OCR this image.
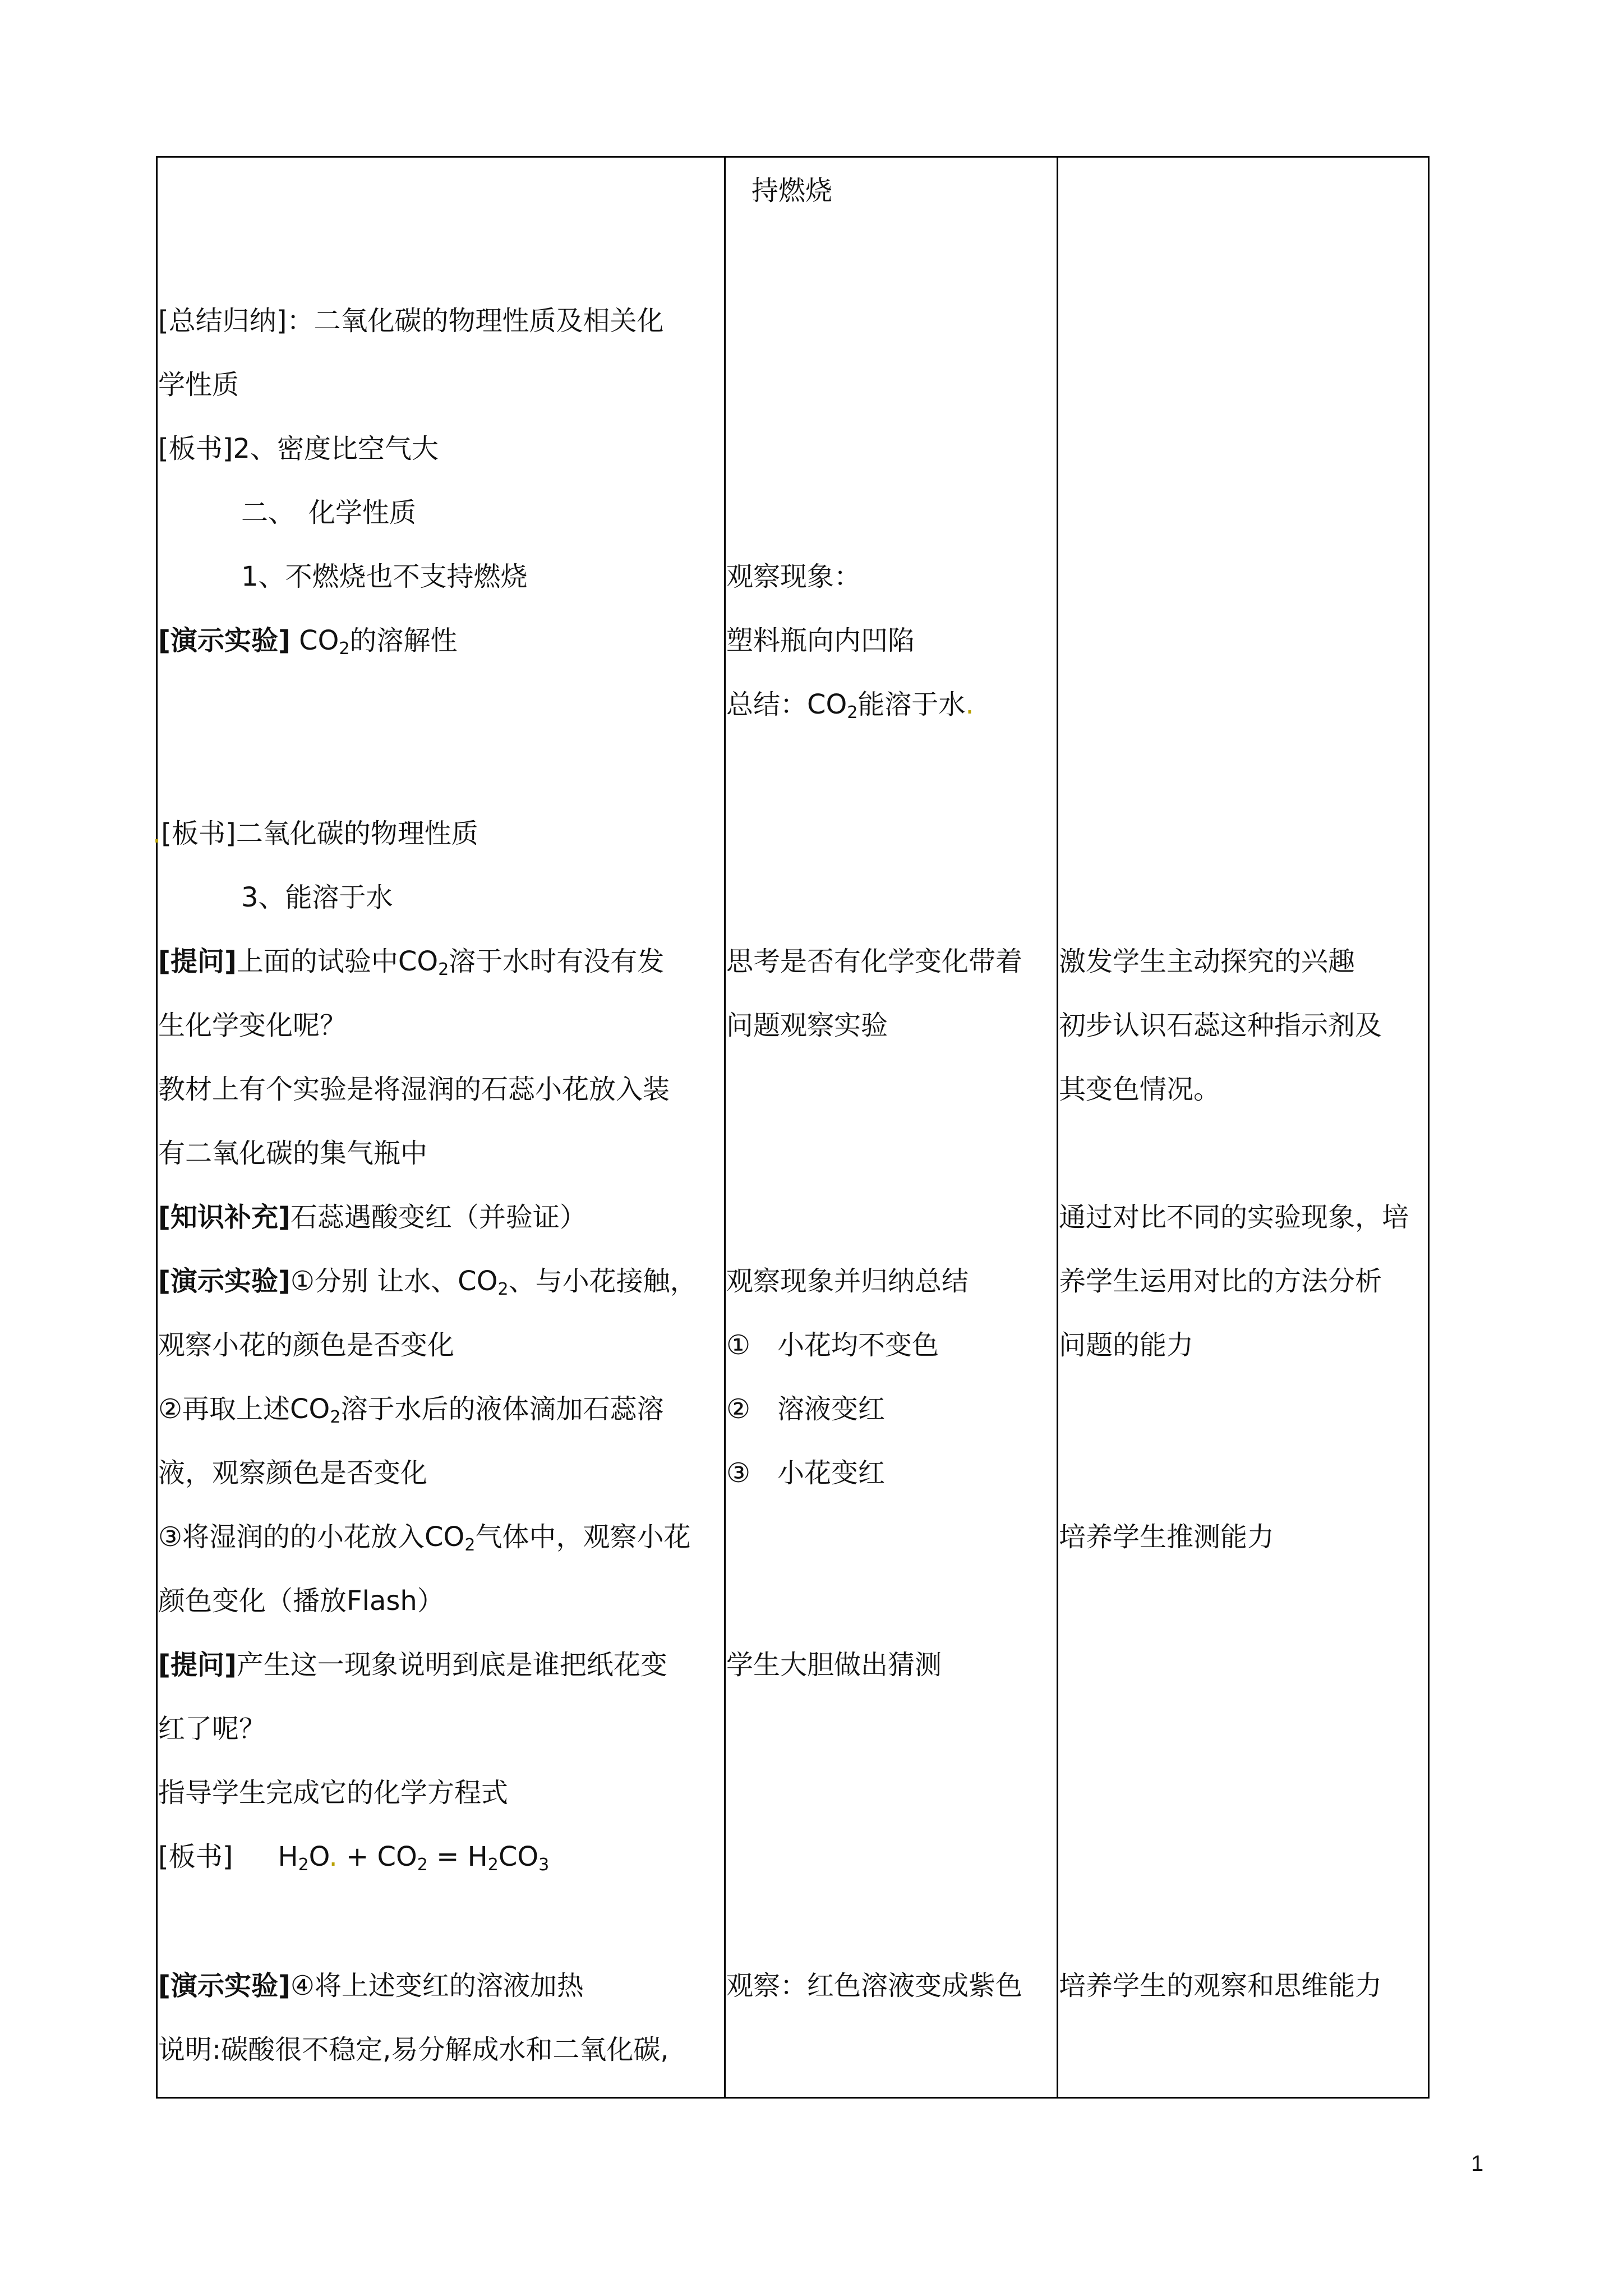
[总结归纳]：二氧化碳的物理性质及相关化
学性质
[板书]2、密度比空气大
二、　化学性质
1、不燃烧也不支持燃烧
[演示实验] $CO_2$的溶解性
.[板书]二氧化碳的物理性质
3、能溶于水
[提问]上面的试验中$CO_2$溶于水时有没有发
生化学变化呢？
教材上有个实验是将湿润的石蕊小花放入装
有二氧化碳的集气瓶中
[知识补充]石蕊遇酸变红（并验证）
[演示实验]①分别 让水、$CO_2$、与小花接触，
观察小花的颜色是否变化
②再取上述$CO_2$溶于水后的液体滴加石蕊溶
液，观察颜色是否变化
③将湿润的的小花放入$CO_2$气体中，观察小花
颜色变化（播放Flash）
[提问]产生这一现象说明到底是谁把纸花变
红了呢？
指导学生完成它的化学方程式
[板书] $H_2O$. + $CO_2 = H_2CO_3$
[演示实验]④将上述变红的溶液加热
说明:碳酸很不稳定,易分解成水和二氧化碳,
持燃烧
观察现象：
塑料瓶向内凹陷
总结：$CO_2$能溶于水.
思考是否有化学变化带着
问题观察实验
观察现象并归纳总结
①　小花均不变色
②　溶液变红
③　小花变红
学生大胆做出猜测
观察：红色溶液变成紫色
激发学生主动探究的兴趣
初步认识石蕊这种指示剂及
其变色情况。
通过对比不同的实验现象，培
养学生运用对比的方法分析
问题的能力
培养学生推测能力
培养学生的观察和思维能力
1
